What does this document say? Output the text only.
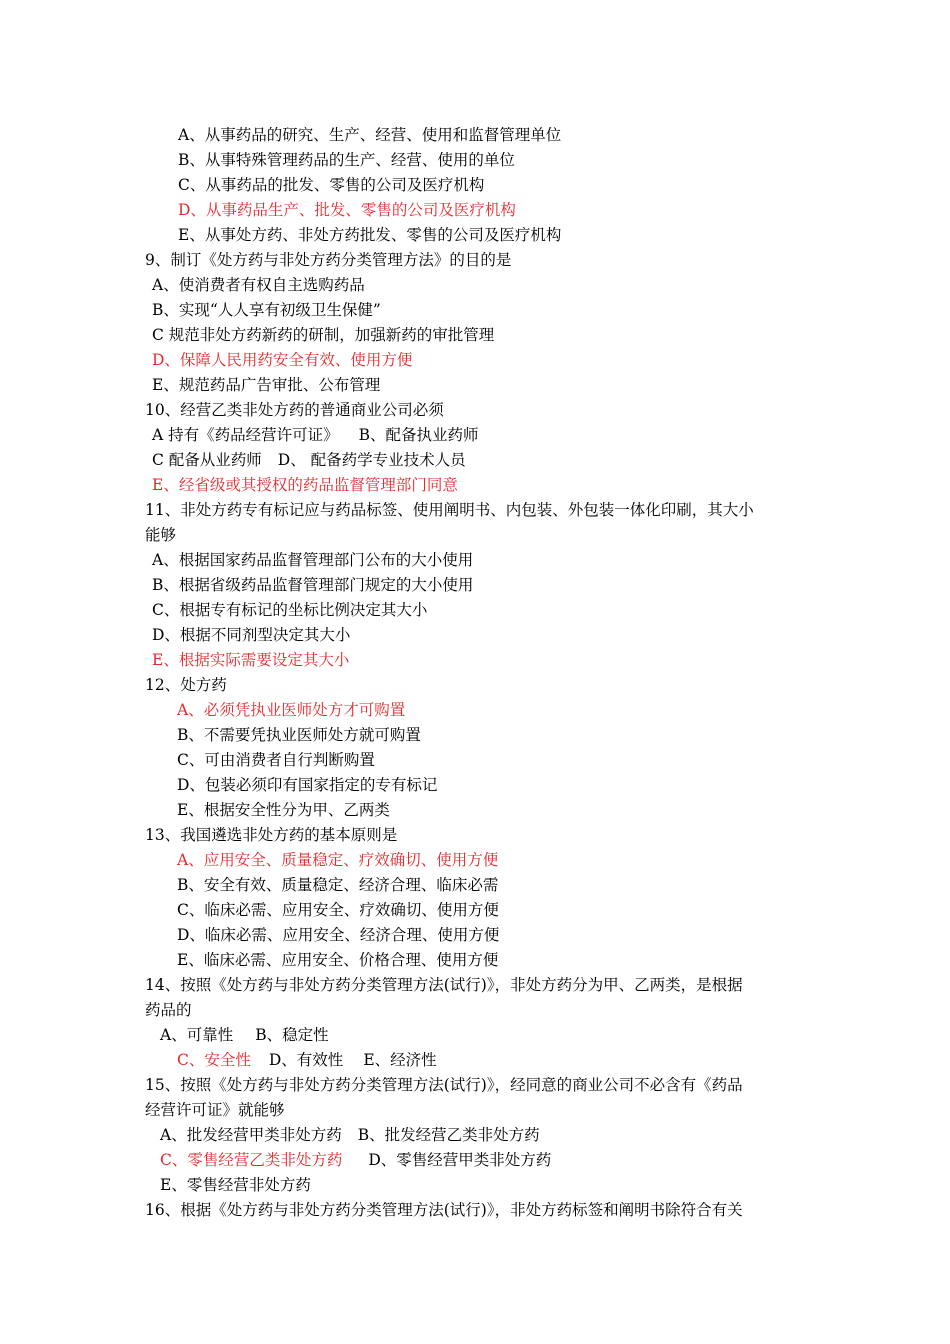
A、从事药品的研究、生产、经营、使用和监督管理单位
B、从事特殊管理药品的生产、经营、使用的单位
C、从事药品的批发、零售的公司及医疗机构
D、从事药品生产、批发、零售的公司及医疗机构
E、从事处方药、非处方药批发、零售的公司及医疗机构
9、制订《处方药与非处方药分类管理方法》的目的是
A、使消费者有权自主选购药品
B、实现“人人享有初级卫生保健”
C 规范非处方药新药的研制，加强新药的审批管理
D、保障人民用药安全有效、使用方便
E、规范药品广告审批、公布管理
10、经营乙类非处方药的普通商业公司必须
A 持有《药品经营许可证》 B、配备执业药师
C 配备从业药师 D、 配备药学专业技术人员
E、经省级或其授权的药品监督管理部门同意
11、非处方药专有标记应与药品标签、使用阐明书、内包装、外包装一体化印刷，其大小
能够
A、根据国家药品监督管理部门公布的大小使用
B、根据省级药品监督管理部门规定的大小使用
C、根据专有标记的坐标比例决定其大小
D、根据不同剂型决定其大小
E、根据实际需要设定其大小
12、处方药
A、必须凭执业医师处方才可购置
B、不需要凭执业医师处方就可购置
C、可由消费者自行判断购置
D、包装必须印有国家指定的专有标记
E、根据安全性分为甲、乙两类
13、我国遴选非处方药的基本原则是
A、应用安全、质量稳定、疗效确切、使用方便
B、安全有效、质量稳定、经济合理、临床必需
C、临床必需、应用安全、疗效确切、使用方便
D、临床必需、应用安全、经济合理、使用方便
E、临床必需、应用安全、价格合理、使用方便
14、按照《处方药与非处方药分类管理方法(试行)》，非处方药分为甲、乙两类，是根据
药品的
A、可靠性 B、稳定性
C、安全性 D、有效性 E、经济性
15、按照《处方药与非处方药分类管理方法(试行)》，经同意的商业公司不必含有《药品
经营许可证》就能够
A、批发经营甲类非处方药 B、批发经营乙类非处方药
C、零售经营乙类非处方药 D、零售经营甲类非处方药
E、零售经营非处方药
16、根据《处方药与非处方药分类管理方法(试行)》，非处方药标签和阐明书除符合有关
